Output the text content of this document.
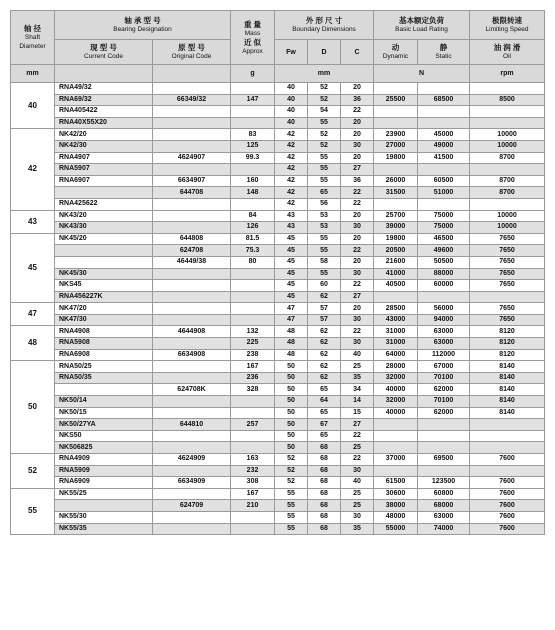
轴 径
Shaft
Diameter	轴 承 型 号
Bearing Designation		重 量
Mass
近 似
Approx	外 形 尺 寸
Boundary Dimensions			基本额定负荷
Basic Load Rating		极限转速
Limiting Speed

	现 型 号
Current Code	原 型 号
Original Code		Fw	D	C	动
Dynamic	静
Static	油 润 滑
Oil

mm			g	mm			N		rpm
40	RNA49/32			40	52	20			
	RNA69/32	66349/32	147	40	52	36	25500	68500	8500
	RNA405422			40	54	22			
	RNA40X55X20			40	55	20			
42	NK42/20		83	42	52	20	23900	45000	10000
	NK42/30		125	42	52	30	27000	49000	10000
	RNA4907	4624907	99.3	42	55	20	19800	41500	8700
	RNA5907			42	55	27			
	RNA6907	6634907	160	42	55	36	26000	60500	8700
		644708	148	42	65	22	31500	51000	8700
	RNA425622			42	56	22			
43	NK43/20		84	43	53	20	25700	75000	10000
	NK43/30		126	43	53	30	39000	75000	10000
45	NK45/20	644808	81.5	45	55	20	19800	46500	7650
		624708	75.3	45	55	22	20500	49600	7650
		46449/38	80	45	58	20	21600	50500	7650
	NK45/30			45	55	30	41000	88000	7650
	NKS45			45	60	22	40500	60000	7650
	RNA456227K			45	62	27			
47	NK47/20			47	57	20	28500	56000	7650
	NK47/30			47	57	30	43000	94000	7650
48	RNA4908	4644908	132	48	62	22	31000	63000	8120
	RNA5908		225	48	62	30	31000	63000	8120
	RNA6908	6634908	238	48	62	40	64000	112000	8120
50	RNA50/25		167	50	62	25	28000	67000	8140
	RNA50/35		236	50	62	35	32000	70100	8140
		624708K	328	50	65	34	40000	62000	8140
	NK50/14			50	64	14	32000	70100	8140
	NK50/15			50	65	15	40000	62000	8140
	NK50/27YA	644810	257	50	67	27			
	NKS50			50	65	22			
	NK506825			50	68	25			
52	RNA4909	4624909	163	52	68	22	37000	69500	7600
	RNA5909		232	52	68	30			
	RNA6909	6634909	308	52	68	40	61500	123500	7600
55	NK55/25		167	55	68	25	30600	60800	7600
		624709	210	55	68	25	38000	68000	7600
	NK55/30			55	68	30	48000	63000	7600
	NK55/35			55	68	35	55000	74000	7600
